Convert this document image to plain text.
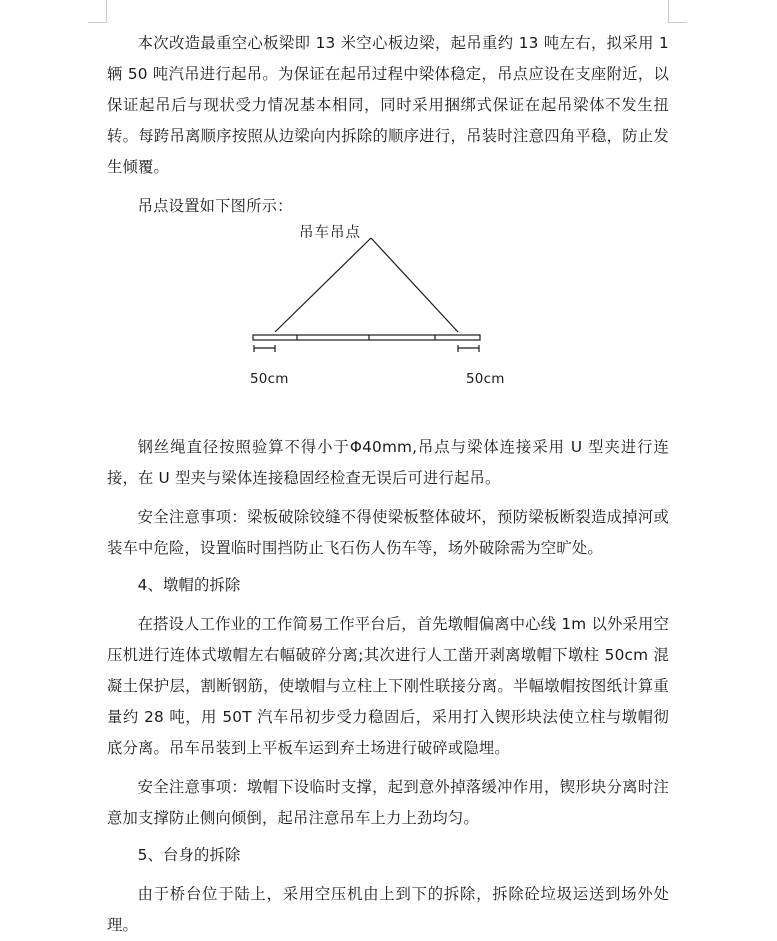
本次改造最重空心板梁即 13 米空心板边梁，起吊重约 13 吨左右，拟采用 1 辆 50 吨汽吊进行起吊。为保证在起吊过程中梁体稳定，吊点应设在支座附近，以保证起吊后与现状受力情况基本相同，同时采用捆绑式保证在起吊梁体不发生扭转。每跨吊离顺序按照从边梁向内拆除的顺序进行，吊装时注意四角平稳，防止发生倾覆。

吊点设置如下图所示：

吊车吊点
50cm	50cm

钢丝绳直径按照验算不得小于Φ40mm,吊点与梁体连接采用 U 型夹进行连接，在 U 型夹与梁体连接稳固经检查无误后可进行起吊。

安全注意事项：梁板破除铰缝不得使梁板整体破坏，预防梁板断裂造成掉河或装车中危险，设置临时围挡防止飞石伤人伤车等，场外破除需为空旷处。

4、墩帽的拆除

在搭设人工作业的工作简易工作平台后，首先墩帽偏离中心线 1m 以外采用空压机进行连体式墩帽左右幅破碎分离;其次进行人工凿开剥离墩帽下墩柱 50cm 混凝土保护层，割断钢筋，使墩帽与立柱上下刚性联接分离。半幅墩帽按图纸计算重量约 28 吨，用 50T 汽车吊初步受力稳固后，采用打入锲形块法使立柱与墩帽彻底分离。吊车吊装到上平板车运到弃土场进行破碎或隐埋。

安全注意事项：墩帽下设临时支撑，起到意外掉落缓冲作用，锲形块分离时注意加支撑防止侧向倾倒，起吊注意吊车上力上劲均匀。

5、台身的拆除

由于桥台位于陆上，采用空压机由上到下的拆除，拆除砼垃圾运送到场外处理。
